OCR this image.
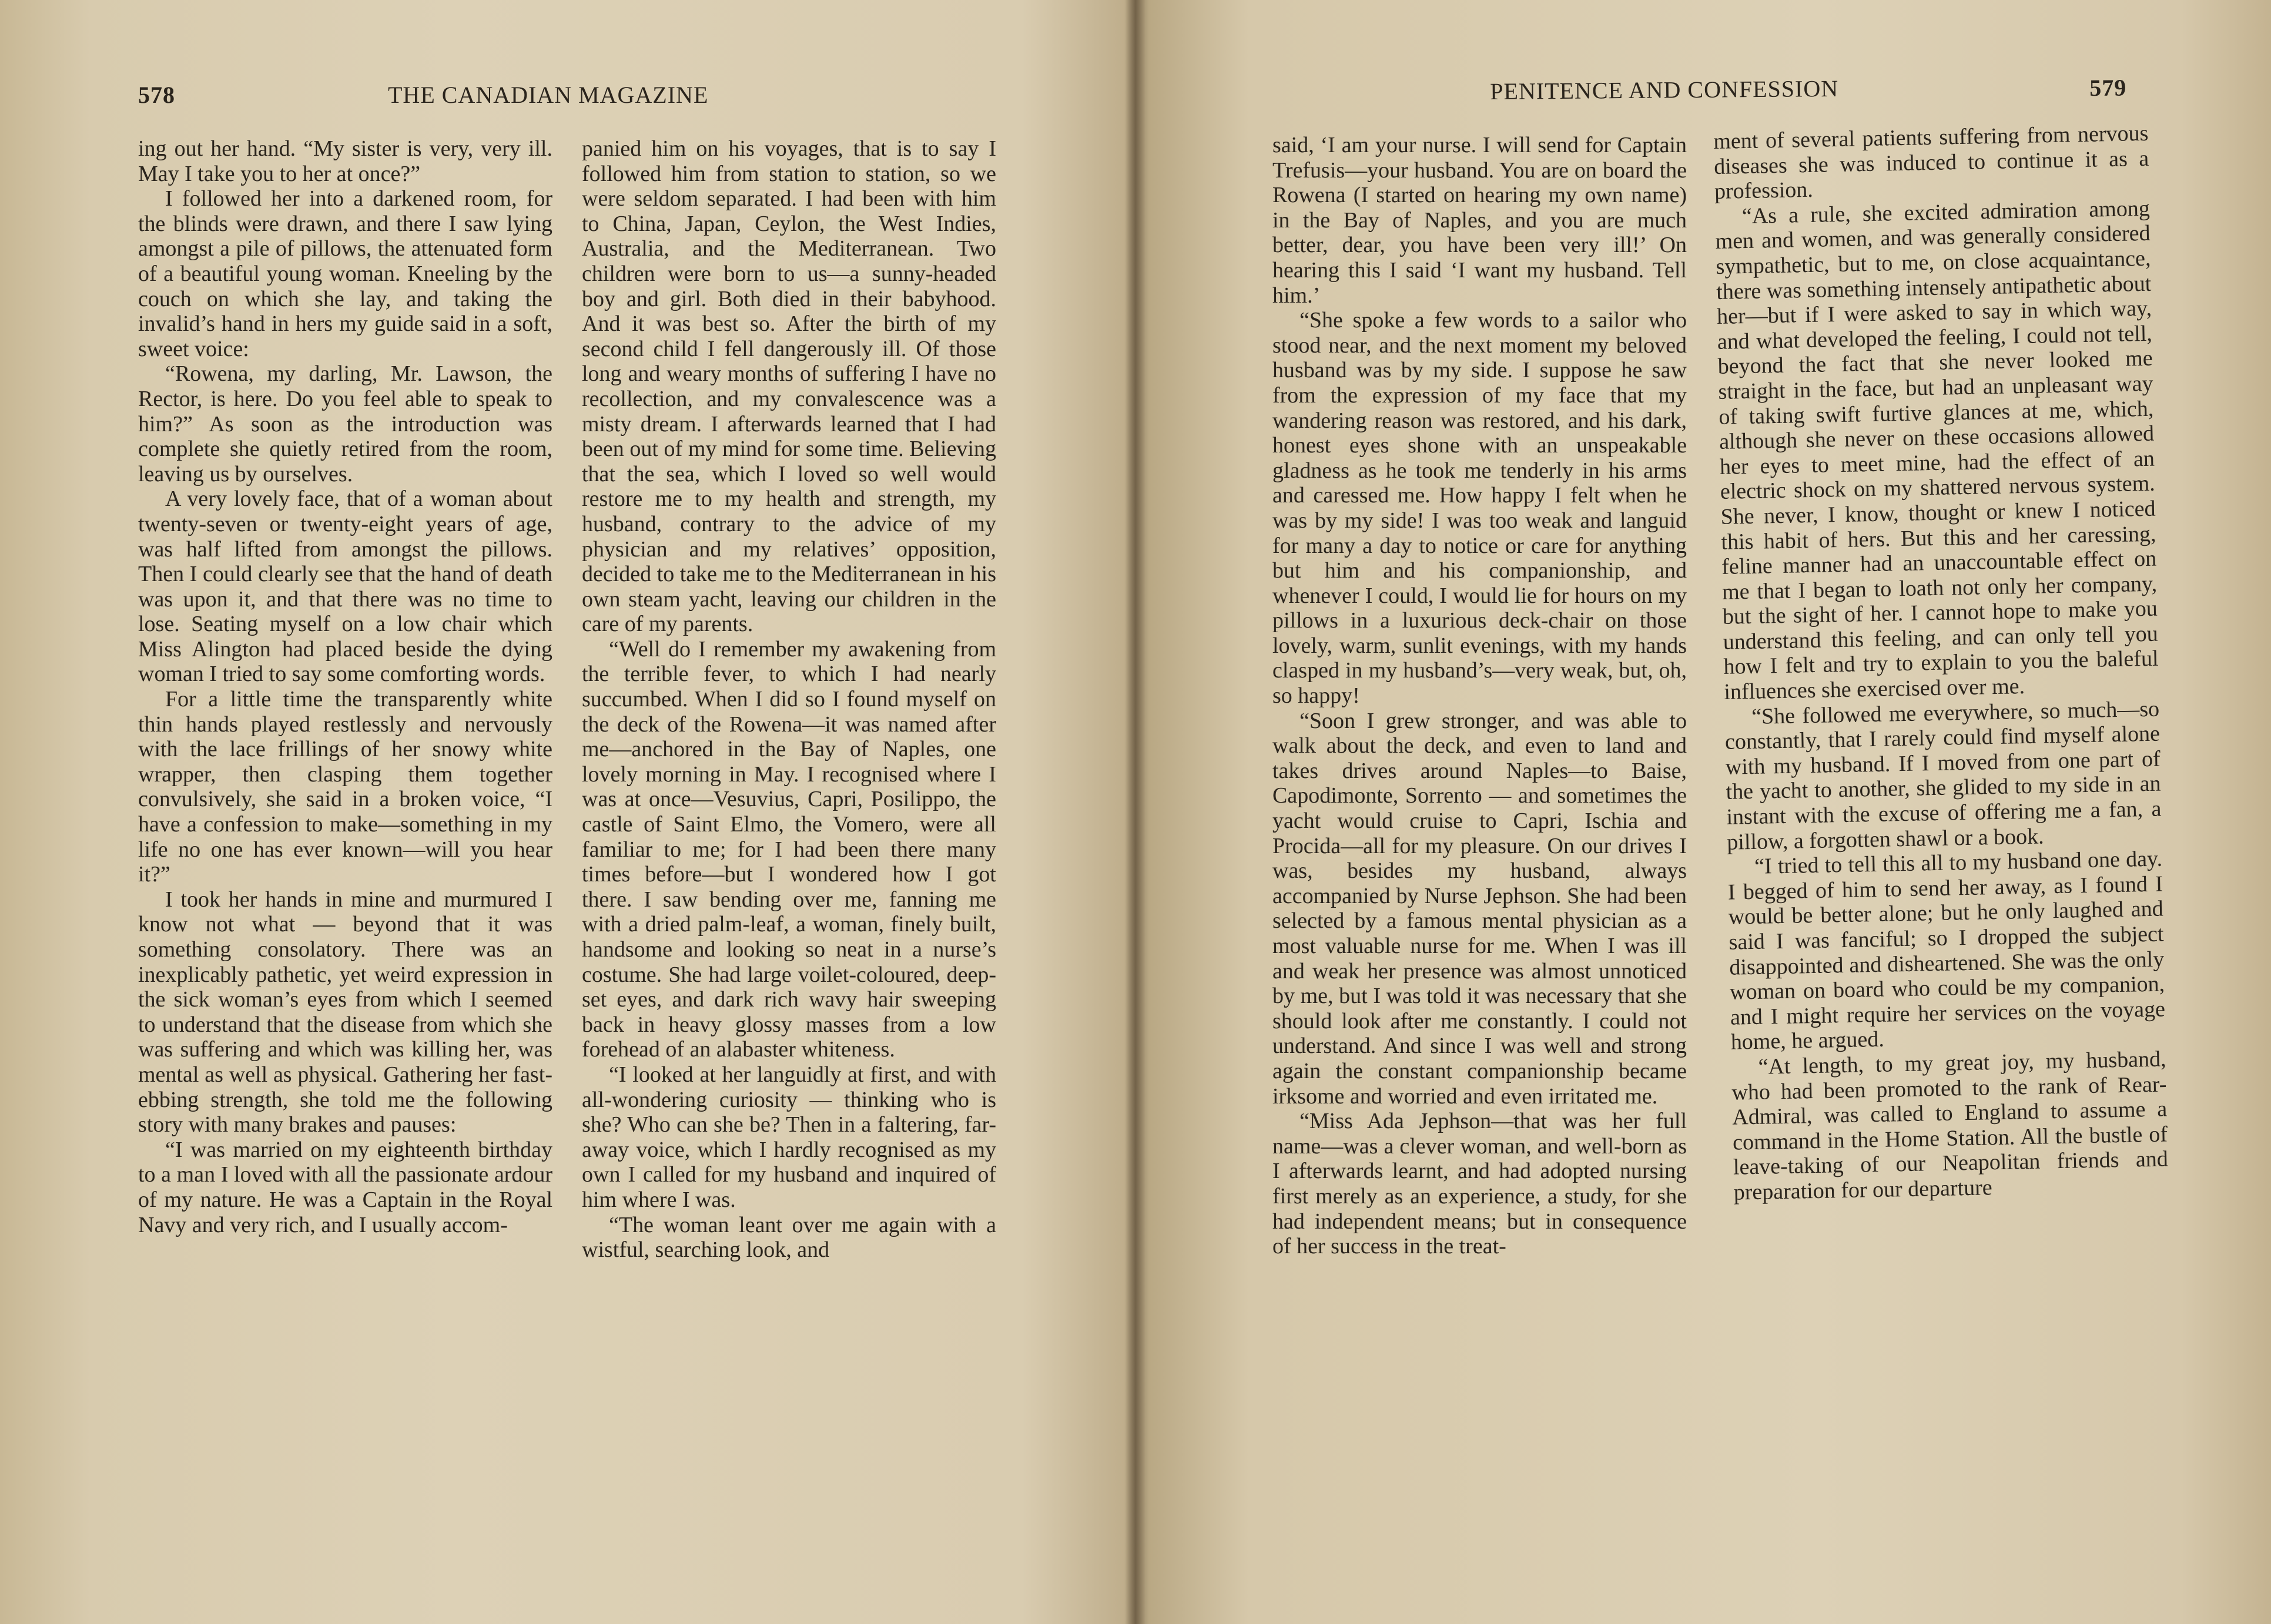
578	THE CANADIAN MAGAZINE

ing out her hand. “My sister is very, very ill. May I take you to her at once?”

I followed her into a darkened room, for the blinds were drawn, and there I saw lying amongst a pile of pillows, the attenuated form of a beautiful young woman. Kneeling by the couch on which she lay, and taking the invalid’s hand in hers my guide said in a soft, sweet voice:

“Rowena, my darling, Mr. Lawson, the Rector, is here. Do you feel able to speak to him?” As soon as the introduction was complete she quietly retired from the room, leaving us by ourselves.

A very lovely face, that of a woman about twenty-seven or twenty-eight years of age, was half lifted from amongst the pillows. Then I could clearly see that the hand of death was upon it, and that there was no time to lose. Seating myself on a low chair which Miss Alington had placed beside the dying woman I tried to say some comforting words.

For a little time the transparently white thin hands played restlessly and nervously with the lace frillings of her snowy white wrapper, then clasping them together convulsively, she said in a broken voice, “I have a confession to make—something in my life no one has ever known—will you hear it?”

I took her hands in mine and murmured I know not what — beyond that it was something consolatory. There was an inexplicably pathetic, yet weird expression in the sick woman’s eyes from which I seemed to understand that the disease from which she was suffering and which was killing her, was mental as well as physical. Gathering her fast-ebbing strength, she told me the following story with many brakes and pauses:

“I was married on my eighteenth birthday to a man I loved with all the passionate ardour of my nature. He was a Captain in the Royal Navy and very rich, and I usually accom-

panied him on his voyages, that is to say I followed him from station to station, so we were seldom separated. I had been with him to China, Japan, Ceylon, the West Indies, Australia, and the Mediterranean. Two children were born to us—a sunny-headed boy and girl. Both died in their babyhood. And it was best so. After the birth of my second child I fell dangerously ill. Of those long and weary months of suffering I have no recollection, and my convalescence was a misty dream. I afterwards learned that I had been out of my mind for some time. Believing that the sea, which I loved so well would restore me to my health and strength, my husband, contrary to the advice of my physician and my relatives’ opposition, decided to take me to the Mediterranean in his own steam yacht, leaving our children in the care of my parents.

“Well do I remember my awakening from the terrible fever, to which I had nearly succumbed. When I did so I found myself on the deck of the Rowena—it was named after me—anchored in the Bay of Naples, one lovely morning in May. I recognised where I was at once—Vesuvius, Capri, Posilippo, the castle of Saint Elmo, the Vomero, were all familiar to me; for I had been there many times before—but I wondered how I got there. I saw bending over me, fanning me with a dried palm-leaf, a woman, finely built, handsome and looking so neat in a nurse’s costume. She had large voilet-coloured, deep-set eyes, and dark rich wavy hair sweeping back in heavy glossy masses from a low forehead of an alabaster whiteness.

“I looked at her languidly at first, and with all-wondering curiosity — thinking who is she? Who can she be? Then in a faltering, far-away voice, which I hardly recognised as my own I called for my husband and inquired of him where I was.

“The woman leant over me again with a wistful, searching look, and

PENITENCE AND CONFESSION	579

said, ‘I am your nurse. I will send for Captain Trefusis—your husband. You are on board the Rowena (I started on hearing my own name) in the Bay of Naples, and you are much better, dear, you have been very ill!’ On hearing this I said ‘I want my husband. Tell him.’

“She spoke a few words to a sailor who stood near, and the next moment my beloved husband was by my side. I suppose he saw from the expression of my face that my wandering reason was restored, and his dark, honest eyes shone with an unspeakable gladness as he took me tenderly in his arms and caressed me. How happy I felt when he was by my side! I was too weak and languid for many a day to notice or care for anything but him and his companionship, and whenever I could, I would lie for hours on my pillows in a luxurious deck-chair on those lovely, warm, sunlit evenings, with my hands clasped in my husband’s—very weak, but, oh, so happy!

“Soon I grew stronger, and was able to walk about the deck, and even to land and takes drives around Naples—to Baise, Capodimonte, Sorrento — and sometimes the yacht would cruise to Capri, Ischia and Procida—all for my pleasure. On our drives I was, besides my husband, always accompanied by Nurse Jephson. She had been selected by a famous mental physician as a most valuable nurse for me. When I was ill and weak her presence was almost unnoticed by me, but I was told it was necessary that she should look after me constantly. I could not understand. And since I was well and strong again the constant companionship became irksome and worried and even irritated me.

“Miss Ada Jephson—that was her full name—was a clever woman, and well-born as I afterwards learnt, and had adopted nursing first merely as an experience, a study, for she had independent means; but in consequence of her success in the treat-

ment of several patients suffering from nervous diseases she was induced to continue it as a profession.

“As a rule, she excited admiration among men and women, and was generally considered sympathetic, but to me, on close acquaintance, there was something intensely antipathetic about her—but if I were asked to say in which way, and what developed the feeling, I could not tell, beyond the fact that she never looked me straight in the face, but had an unpleasant way of taking swift furtive glances at me, which, although she never on these occasions allowed her eyes to meet mine, had the effect of an electric shock on my shattered nervous system. She never, I know, thought or knew I noticed this habit of hers. But this and her caressing, feline manner had an unaccountable effect on me that I began to loath not only her company, but the sight of her. I cannot hope to make you understand this feeling, and can only tell you how I felt and try to explain to you the baleful influences she exercised over me.

“She followed me everywhere, so much—so constantly, that I rarely could find myself alone with my husband. If I moved from one part of the yacht to another, she glided to my side in an instant with the excuse of offering me a fan, a pillow, a forgotten shawl or a book.

“I tried to tell this all to my husband one day. I begged of him to send her away, as I found I would be better alone; but he only laughed and said I was fanciful; so I dropped the subject disappointed and disheartened. She was the only woman on board who could be my companion, and I might require her services on the voyage home, he argued.

“At length, to my great joy, my husband, who had been promoted to the rank of Rear-Admiral, was called to England to assume a command in the Home Station. All the bustle of leave-taking of our Neapolitan friends and preparation for our departure
